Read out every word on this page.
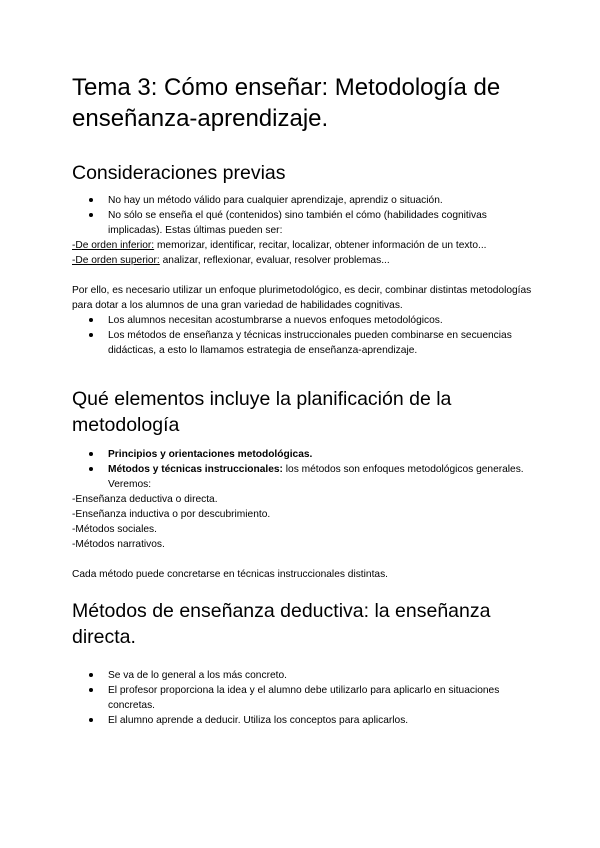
Tema 3: Cómo enseñar: Metodología de enseñanza-aprendizaje.
Consideraciones previas
No hay un método válido para cualquier aprendizaje, aprendiz o situación.
No sólo se enseña el qué (contenidos) sino también el cómo (habilidades cognitivas implicadas). Estas últimas pueden ser:
-De orden inferior: memorizar, identificar, recitar, localizar, obtener información de un texto...
-De orden superior: analizar, reflexionar, evaluar, resolver problemas...

Por ello, es necesario utilizar un enfoque plurimetodológico, es decir, combinar distintas metodologías para dotar a los alumnos de una gran variedad de habilidades cognitivas.

Los alumnos necesitan acostumbrarse a nuevos enfoques metodológicos.
Los métodos de enseñanza y técnicas instruccionales pueden combinarse en secuencias didácticas, a esto lo llamamos estrategia de enseñanza-aprendizaje.
Qué elementos incluye la planificación de la metodología
Principios y orientaciones metodológicas.
Métodos y técnicas instruccionales: los métodos son enfoques metodológicos generales. Veremos:
-Enseñanza deductiva o directa.
-Enseñanza inductiva o por descubrimiento.
-Métodos sociales.
-Métodos narrativos.

Cada método puede concretarse en técnicas instruccionales distintas.

Métodos de enseñanza deductiva: la enseñanza directa.
Se va de lo general a los más concreto.
El profesor proporciona la idea y el alumno debe utilizarlo para aplicarlo en situaciones concretas.
El alumno aprende a deducir. Utiliza los conceptos para aplicarlos.
